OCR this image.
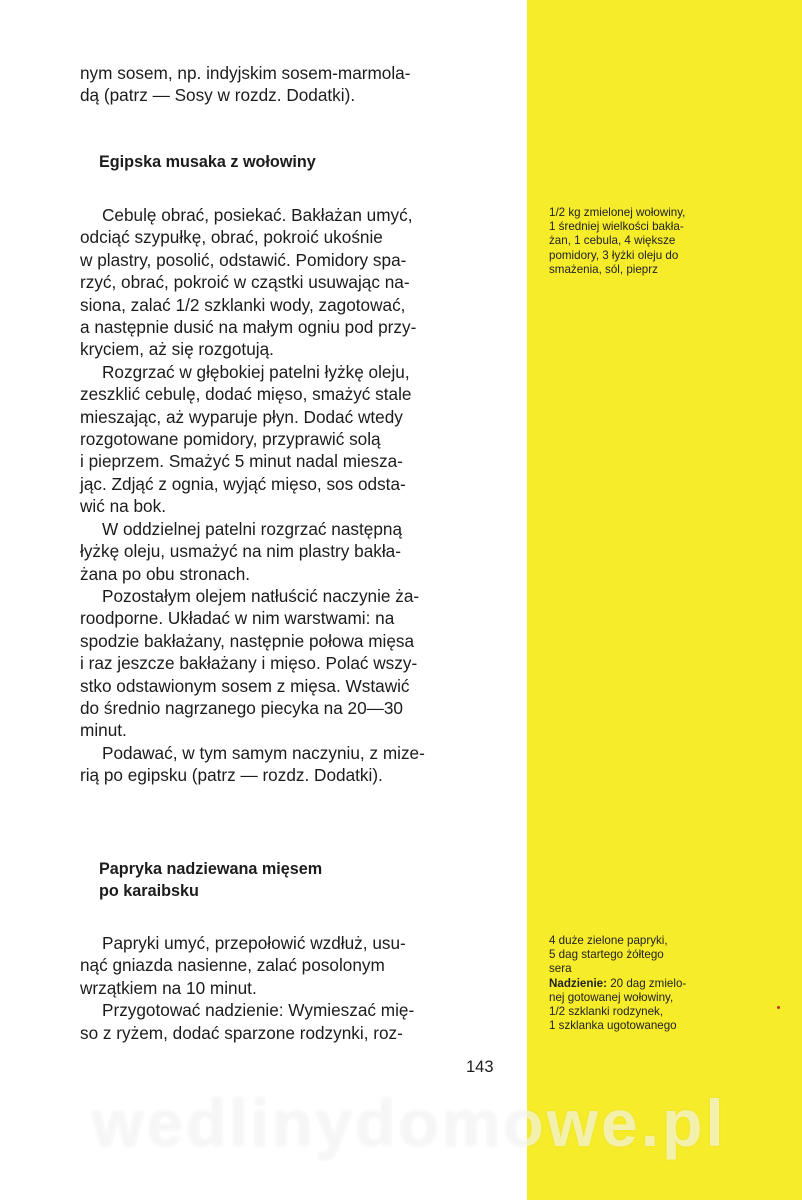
nym sosem, np. indyjskim sosem-marmola-

dą (patrz — Sosy w rozdz. Dodatki).

Egipska musaka z wołowiny

Cebulę obrać, posiekać. Bakłażan umyć,

odciąć szypułkę, obrać, pokroić ukośnie

w plastry, posolić, odstawić. Pomidory spa-

rzyć, obrać, pokroić w cząstki usuwając na-

siona, zalać 1/2 szklanki wody, zagotować,

a następnie dusić na małym ogniu pod przy-

kryciem, aż się rozgotują.

Rozgrzać w głębokiej patelni łyżkę oleju,

zeszklić cebulę, dodać mięso, smażyć stale

mieszając, aż wyparuje płyn. Dodać wtedy

rozgotowane pomidory, przyprawić solą

i pieprzem. Smażyć 5 minut nadal miesza-

jąc. Zdjąć z ognia, wyjąć mięso, sos odsta-

wić na bok.

W oddzielnej patelni rozgrzać następną

łyżkę oleju, usmażyć na nim plastry bakła-

żana po obu stronach.

Pozostałym olejem natłuścić naczynie ża-

roodporne. Układać w nim warstwami: na

spodzie bakłażany, następnie połowa mięsa

i raz jeszcze bakłażany i mięso. Polać wszy-

stko odstawionym sosem z mięsa. Wstawić

do średnio nagrzanego piecyka na 20—30

minut.

Podawać, w tym samym naczyniu, z mizе-

rią po egipsku (patrz — rozdz. Dodatki).

1/2 kg zmielonej wołowiny,

1 średniej wielkości bakła-

żan, 1 cebula, 4 większe

pomidory, 3 łyżki oleju do

smażenia, sól, pieprz

Papryka nadziewana mięsem
po karaibsku

Papryki umyć, przepołowić wzdłuż, usu-

nąć gniazda nasienne, zalać posolonym

wrzątkiem na 10 minut.

Przygotować nadzienie: Wymieszać mię-

so z ryżem, dodać sparzone rodzynki, roz-

4 duże zielone papryki,

5 dag startego żółtego

sera

Nadzienie: 20 dag zmielo-

nej gotowanej wołowiny,

1/2 szklanki rodzynek,

1 szklanka ugotowanego

143
wedlinydomowe.pl
